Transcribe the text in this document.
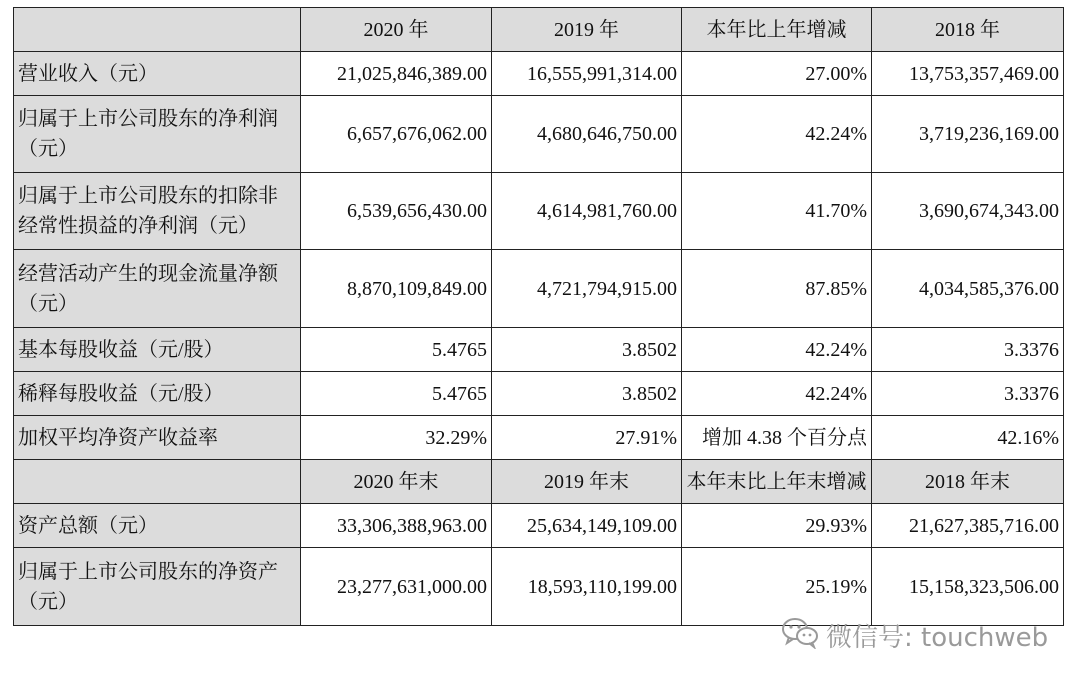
	2020 年	2019 年	本年比上年增减	2018 年
营业收入（元）	21,025,846,389.00	16,555,991,314.00	27.00%	13,753,357,469.00
归属于上市公司股东的净利润（元）	6,657,676,062.00	4,680,646,750.00	42.24%	3,719,236,169.00
归属于上市公司股东的扣除非经常性损益的净利润（元）	6,539,656,430.00	4,614,981,760.00	41.70%	3,690,674,343.00
经营活动产生的现金流量净额（元）	8,870,109,849.00	4,721,794,915.00	87.85%	4,034,585,376.00
基本每股收益（元/股）	5.4765	3.8502	42.24%	3.3376
稀释每股收益（元/股）	5.4765	3.8502	42.24%	3.3376
加权平均净资产收益率	32.29%	27.91%	增加 4.38 个百分点	42.16%
	2020 年末	2019 年末	本年末比上年末增减	2018 年末
资产总额（元）	33,306,388,963.00	25,634,149,109.00	29.93%	21,627,385,716.00
归属于上市公司股东的净资产（元）	23,277,631,000.00	18,593,110,199.00	25.19%	15,158,323,506.00
微信号: touchweb
